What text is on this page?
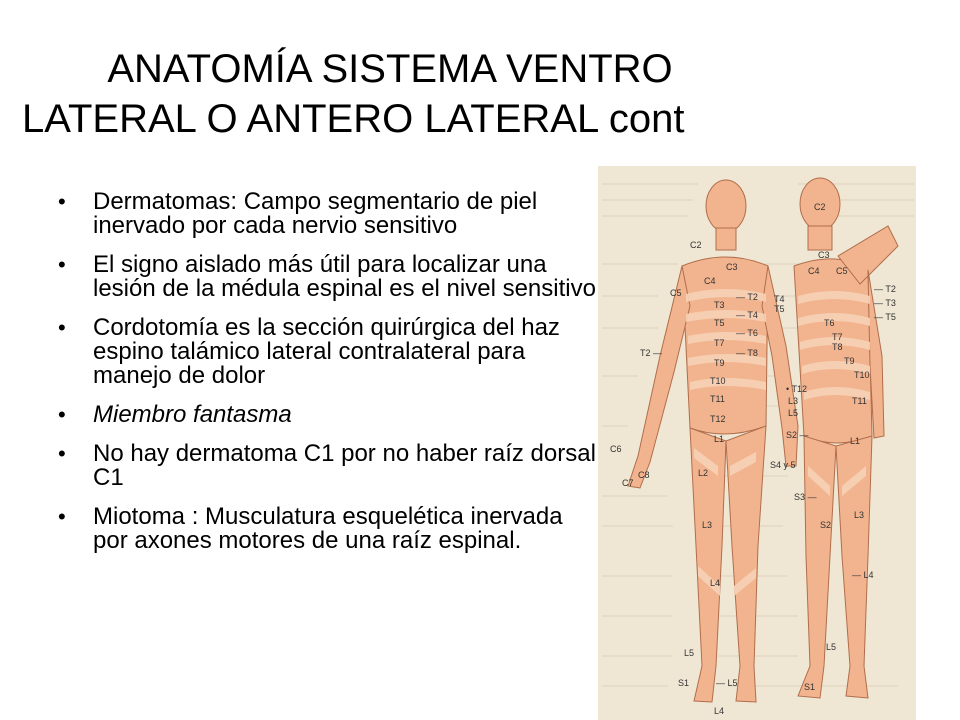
ANATOMÍA SISTEMA VENTRO
LATERAL O ANTERO LATERAL cont
• Dermatomas: Campo segmentario de piel inervado por cada nervio sensitivo
• El signo aislado más útil para localizar una lesión de la médula espinal es el nivel sensitivo
• Cordotomía es la sección quirúrgica del haz espino talámico lateral contralateral para manejo de dolor
• Miembro fantasma
• No hay dermatoma C1 por no haber raíz dorsal C1
• Miotoma : Musculatura esquelética inervada por axones motores de una raíz espinal.
C2
C3
C4
C5	— T2
T3
— T4
T5
— T6
T7
— T8
T9
T10
T11
T12
L1
L2
L3
L4
L5
S1
C6
C7
C8
T2 —
— L5
L4
C2
C3
C4 C5
T4
T5
— T2
— T3
— T5
T6
T7
T8
T9
T10
T11
L1
• T12
L3
L5
S2 —
S4 y 5
S3 —
L3
S2
— L4
L5
S1
